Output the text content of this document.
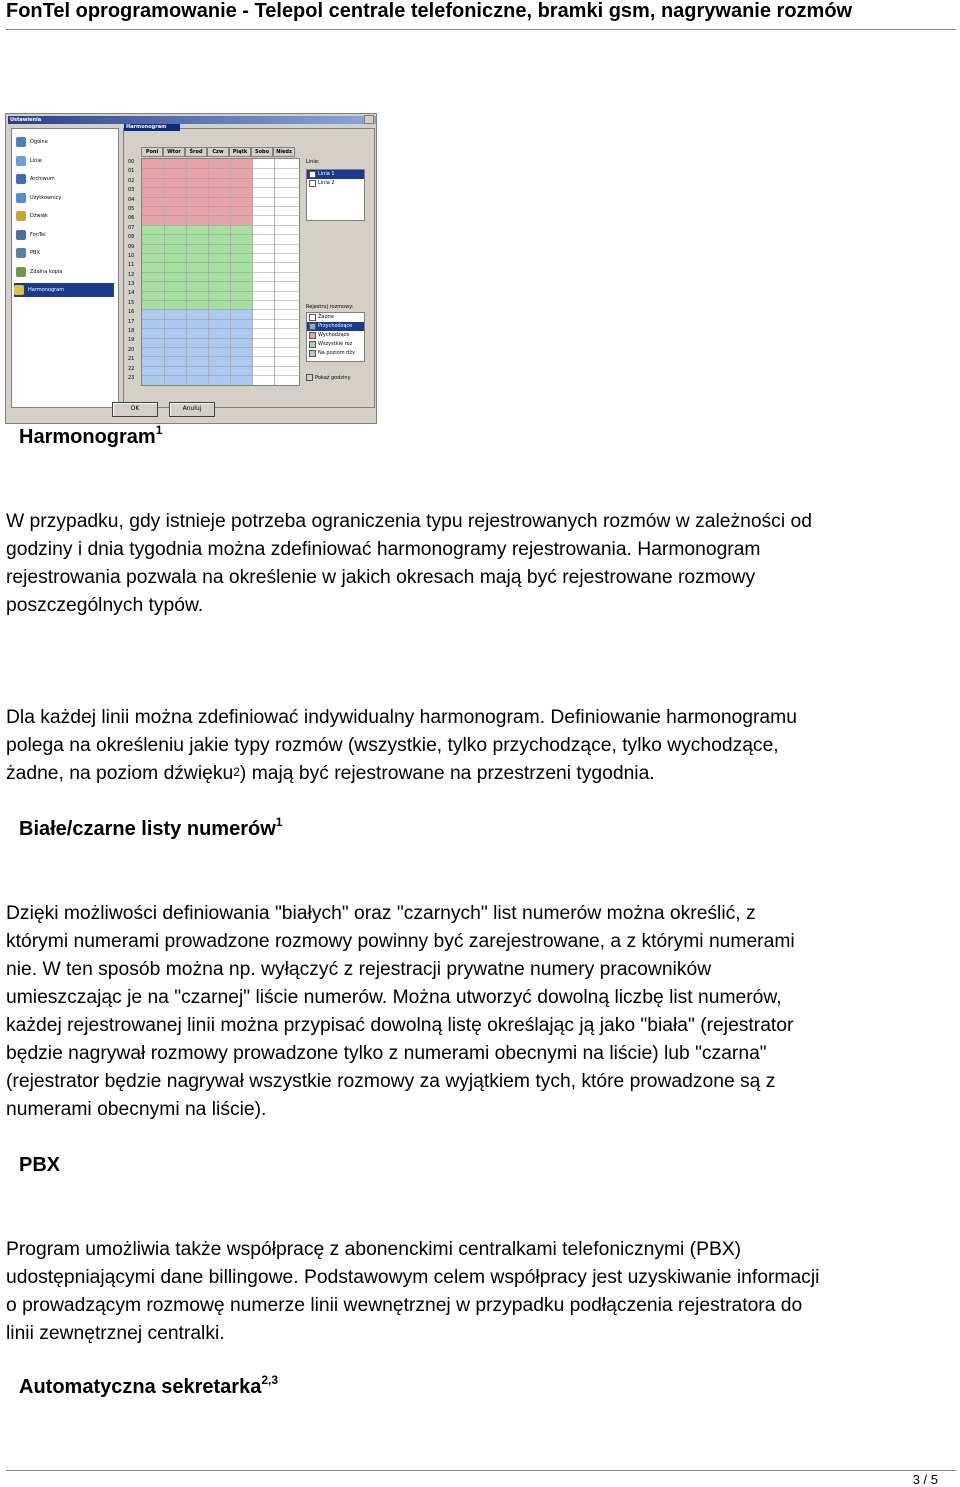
FonTel oprogramowanie - Telepol centrale telefoniczne, bramki gsm, nagrywanie rozmów
Ustawienia
Ogólne
Linie
Archiwum
Użytkownicy
Dźwięk
FonTel
PBX
Zdalna kopia
Harmonogram
Harmonogram
Poni	Wtor	Środ	Czw	Piątk	Sobo	Niedz
00
01
02
03
04
05
06
07
08
09
10
11
12
13
14
15
16
17
18
19
20
21
22
23
Linie:
Linia 1
Linia 2
Rejestruj rozmowy:
Żadne
Przychodzące
Wychodzące
Wszystkie roz
Na poziom dźv
Pokaż godziny
OK	Anuluj
Harmonogram$^1$
W przypadku, gdy istnieje potrzeba ograniczenia typu rejestrowanych rozmów w zależności od
godziny i dnia tygodnia można zdefiniować harmonogramy rejestrowania. Harmonogram
rejestrowania pozwala na określenie w jakich okresach mają być rejestrowane rozmowy
poszczególnych typów.
Dla każdej linii można zdefiniować indywidualny harmonogram. Definiowanie harmonogramu
polega na określeniu jakie typy rozmów (wszystkie, tylko przychodzące, tylko wychodzące,
żadne, na poziom dźwięku$^2$) mają być rejestrowane na przestrzeni tygodnia.
Białe/czarne listy numerów$^1$
Dzięki możliwości definiowania "białych" oraz "czarnych" list numerów można określić, z
którymi numerami prowadzone rozmowy powinny być zarejestrowane, a z którymi numerami
nie. W ten sposób można np. wyłączyć z rejestracji prywatne numery pracowników
umieszczając je na "czarnej" liście numerów. Można utworzyć dowolną liczbę list numerów,
każdej rejestrowanej linii można przypisać dowolną listę określając ją jako "biała" (rejestrator
będzie nagrywał rozmowy prowadzone tylko z numerami obecnymi na liście) lub "czarna"
(rejestrator będzie nagrywał wszystkie rozmowy za wyjątkiem tych, które prowadzone są z
numerami obecnymi na liście).
PBX
Program umożliwia także współpracę z abonenckimi centralkami telefonicznymi (PBX)
udostępniającymi dane billingowe. Podstawowym celem współpracy jest uzyskiwanie informacji
o prowadzącym rozmowę numerze linii wewnętrznej w przypadku podłączenia rejestratora do
linii zewnętrznej centralki.
Automatyczna sekretarka$^{2,3}$
3 / 5
